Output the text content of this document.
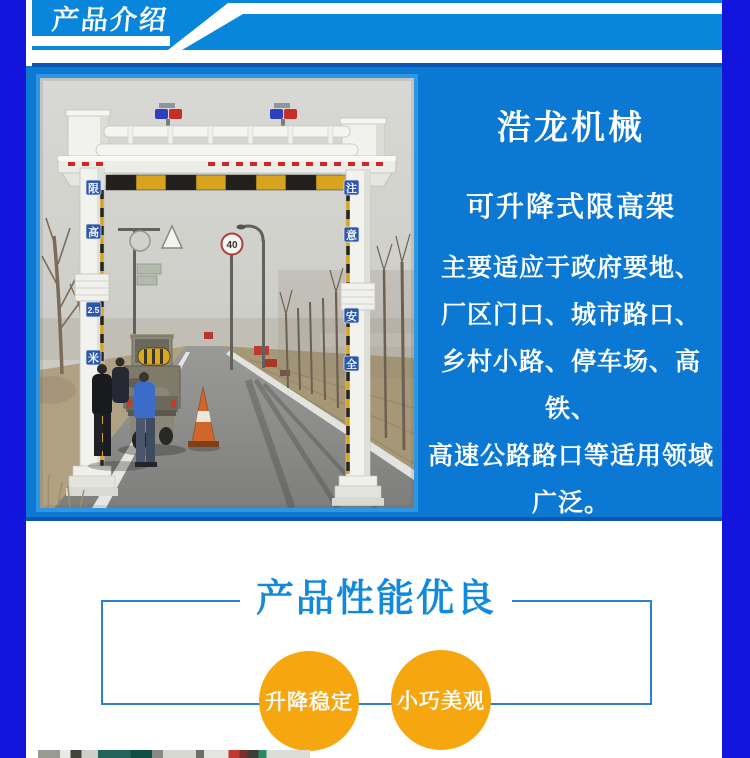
产品介绍
40
限
高
2.5
米
注
意
安
全
浩龙机械
可升降式限高架
主要适应于政府要地、
厂区门口、城市路口、
乡村小路、停车场、高铁、
高速公路路口等适用领域
广泛。
产品性能优良
升降稳定 小巧美观
